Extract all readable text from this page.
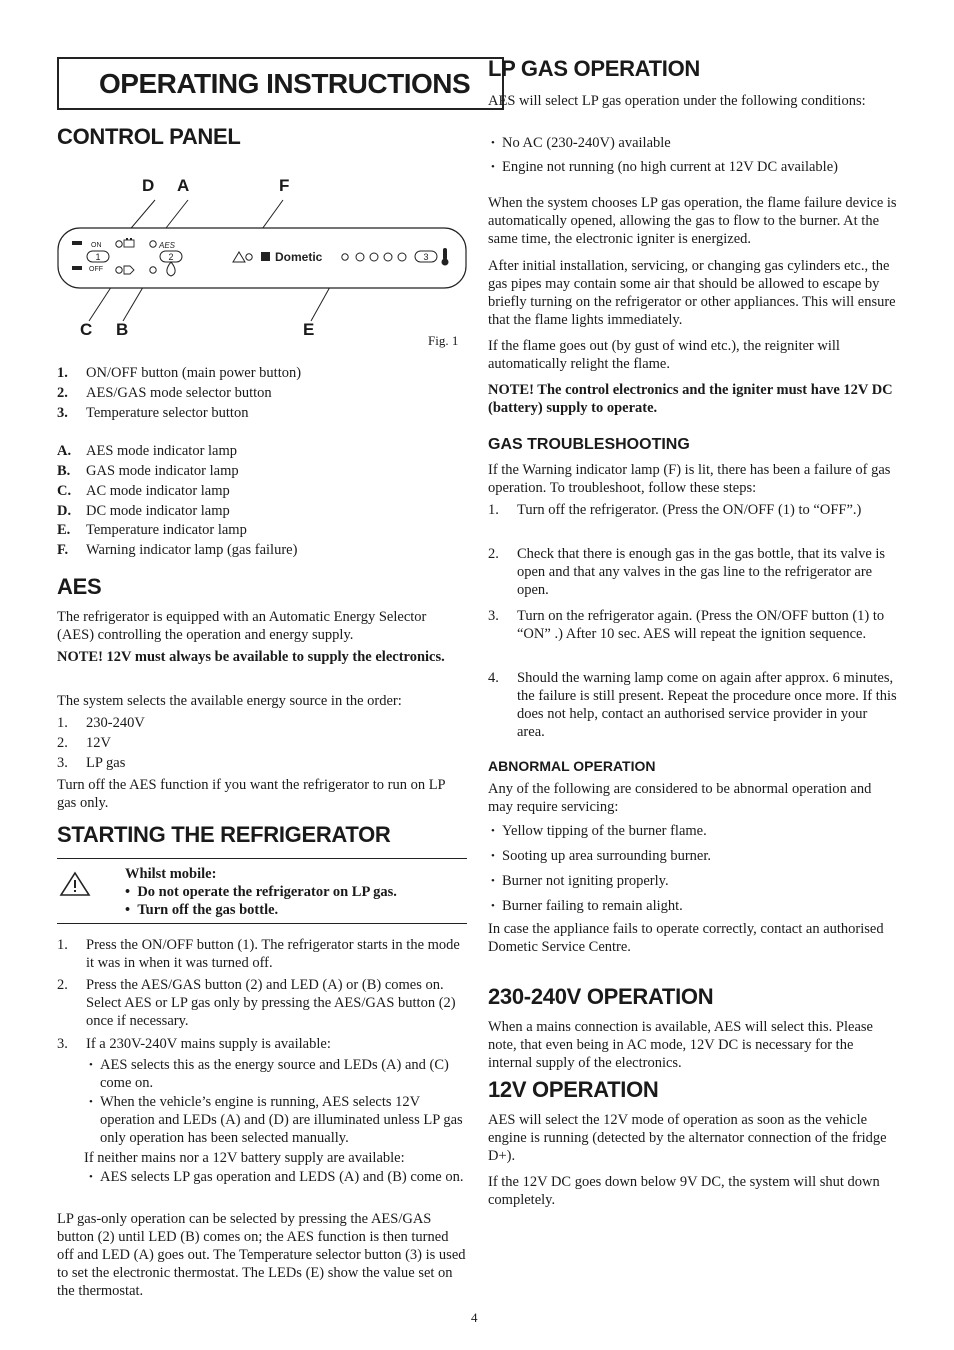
OPERATING INSTRUCTIONS
CONTROL PANEL
D A	F
C B	E
ON
OFF
1	2
AES
Dometic	3
Fig. 1
1.	ON/OFF button (main power button)
2.	AES/GAS mode selector button
3.	Temperature selector button
A.	AES mode indicator lamp
B.	GAS mode indicator lamp
C.	AC mode indicator lamp
D.	DC mode indicator lamp
E.	Temperature indicator lamp
F.	Warning indicator lamp (gas failure)
AES

The refrigerator is equipped with an Automatic Energy Selector (AES) controlling the operation and energy supply.

NOTE! 12V must always be available to supply the electronics.

The system selects the available energy source in the order:

1.	230-240V
2.	12V
3.	LP gas

Turn off the AES function if you want the refrigerator to run on LP gas only.

STARTING THE REFRIGERATOR

Whilst mobile:

•  Do not operate the refrigerator on LP gas.

•  Turn off the gas bottle.

1.	Press the ON/OFF button (1). The refrigerator starts in the mode it was in when it was turned off.
2.	Press the AES/GAS button (2) and LED (A) or (B) comes on. Select AES or LP gas only by pressing the AES/GAS button (2) once if necessary.
3.	If a 230V-240V mains supply is available:
• AES selects this as the energy source and LEDs (A) and (C) come on.
• When the vehicle’s engine is running, AES selects 12V operation and LEDs (A) and (D) are illuminated unless LP gas only operation has been selected manually.

If neither mains nor a 12V battery supply are available:

• AES selects LP gas operation and LEDS (A) and (B) come on.

LP gas-only operation can be selected by pressing the AES/GAS button (2) until LED (B) comes on; the AES function is then turned off and LED (A) goes out. The Temperature selector button (3) is used to set the electronic thermostat. The LEDs (E) show the value set on the thermostat.

LP GAS OPERATION

AES will select LP gas operation under the following conditions:

• No AC (230-240V) available
• Engine not running (no high current at 12V DC available)

When the system chooses LP gas operation, the flame failure device is automatically opened, allowing the gas to flow to the burner. At the same time, the electronic igniter is energized.

After initial installation, servicing, or changing gas cylinders etc., the gas pipes may contain some air that should be allowed to escape by briefly turning on the refrigerator or other appliances. This will ensure that the flame lights immediately.

If the flame goes out (by gust of wind etc.), the reigniter will automatically relight the flame.

NOTE! The control electronics and the igniter must have 12V DC (battery) supply to operate.

GAS TROUBLESHOOTING

If the Warning indicator lamp (F) is lit, there has been a failure of gas operation. To troubleshoot, follow these steps:

1.	Turn off the refrigerator. (Press the ON/OFF (1) to “OFF”.)
2.	Check that there is enough gas in the gas bottle, that its valve is open and that any valves in the gas line to the refrigerator are open.
3.	Turn on the refrigerator again. (Press the ON/OFF button (1) to “ON” .) After 10 sec. AES will repeat the ignition sequence.
4.	Should the warning lamp come on again after approx. 6 minutes, the failure is still present. Repeat the procedure once more. If this does not help, contact an authorised service provider in your area.
ABNORMAL OPERATION

Any of the following are considered to be abnormal operation and may require servicing:

• Yellow tipping of the burner flame.
• Sooting up area surrounding burner.
• Burner not igniting properly.
• Burner failing to remain alight.

In case the appliance fails to operate correctly, contact an authorised Dometic Service Centre.

230-240V OPERATION

When a mains connection is available, AES will select this. Please note, that even being in AC mode, 12V DC is necessary for the internal supply of the electronics.

12V OPERATION

AES will select the 12V mode of operation as soon as the vehicle engine is running (detected by the alternator connection of the fridge D+).

If the 12V DC goes down below 9V DC, the system will shut down completely.

4
